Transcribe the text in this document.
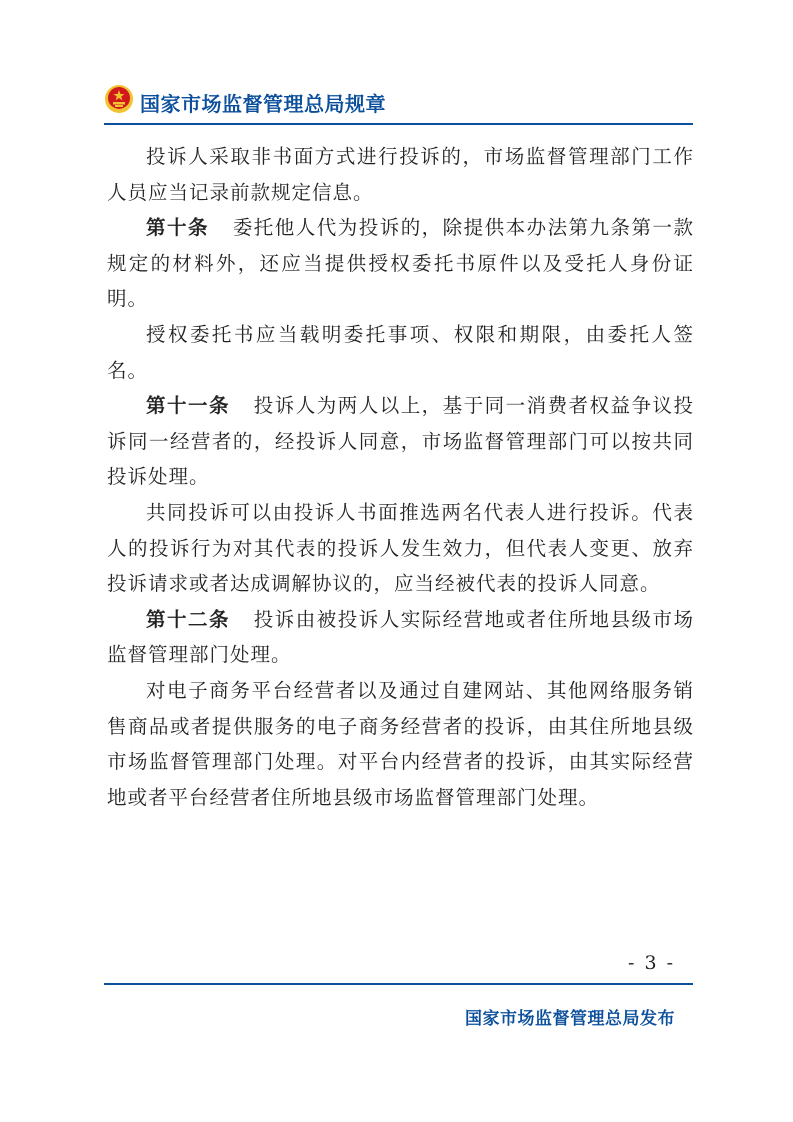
国家市场监督管理总局规章

投诉人采取非书面方式进行投诉的，市场监督管理部门工作人员应当记录前款规定信息。

第十条 委托他人代为投诉的，除提供本办法第九条第一款规定的材料外，还应当提供授权委托书原件以及受托人身份证明。

授权委托书应当载明委托事项、权限和期限，由委托人签名。

第十一条 投诉人为两人以上，基于同一消费者权益争议投诉同一经营者的，经投诉人同意，市场监督管理部门可以按共同投诉处理。

共同投诉可以由投诉人书面推选两名代表人进行投诉。代表人的投诉行为对其代表的投诉人发生效力，但代表人变更、放弃投诉请求或者达成调解协议的，应当经被代表的投诉人同意。

第十二条 投诉由被投诉人实际经营地或者住所地县级市场监督管理部门处理。

对电子商务平台经营者以及通过自建网站、其他网络服务销售商品或者提供服务的电子商务经营者的投诉，由其住所地县级市场监督管理部门处理。对平台内经营者的投诉，由其实际经营地或者平台经营者住所地县级市场监督管理部门处理。

- 3 -
国家市场监督管理总局发布
